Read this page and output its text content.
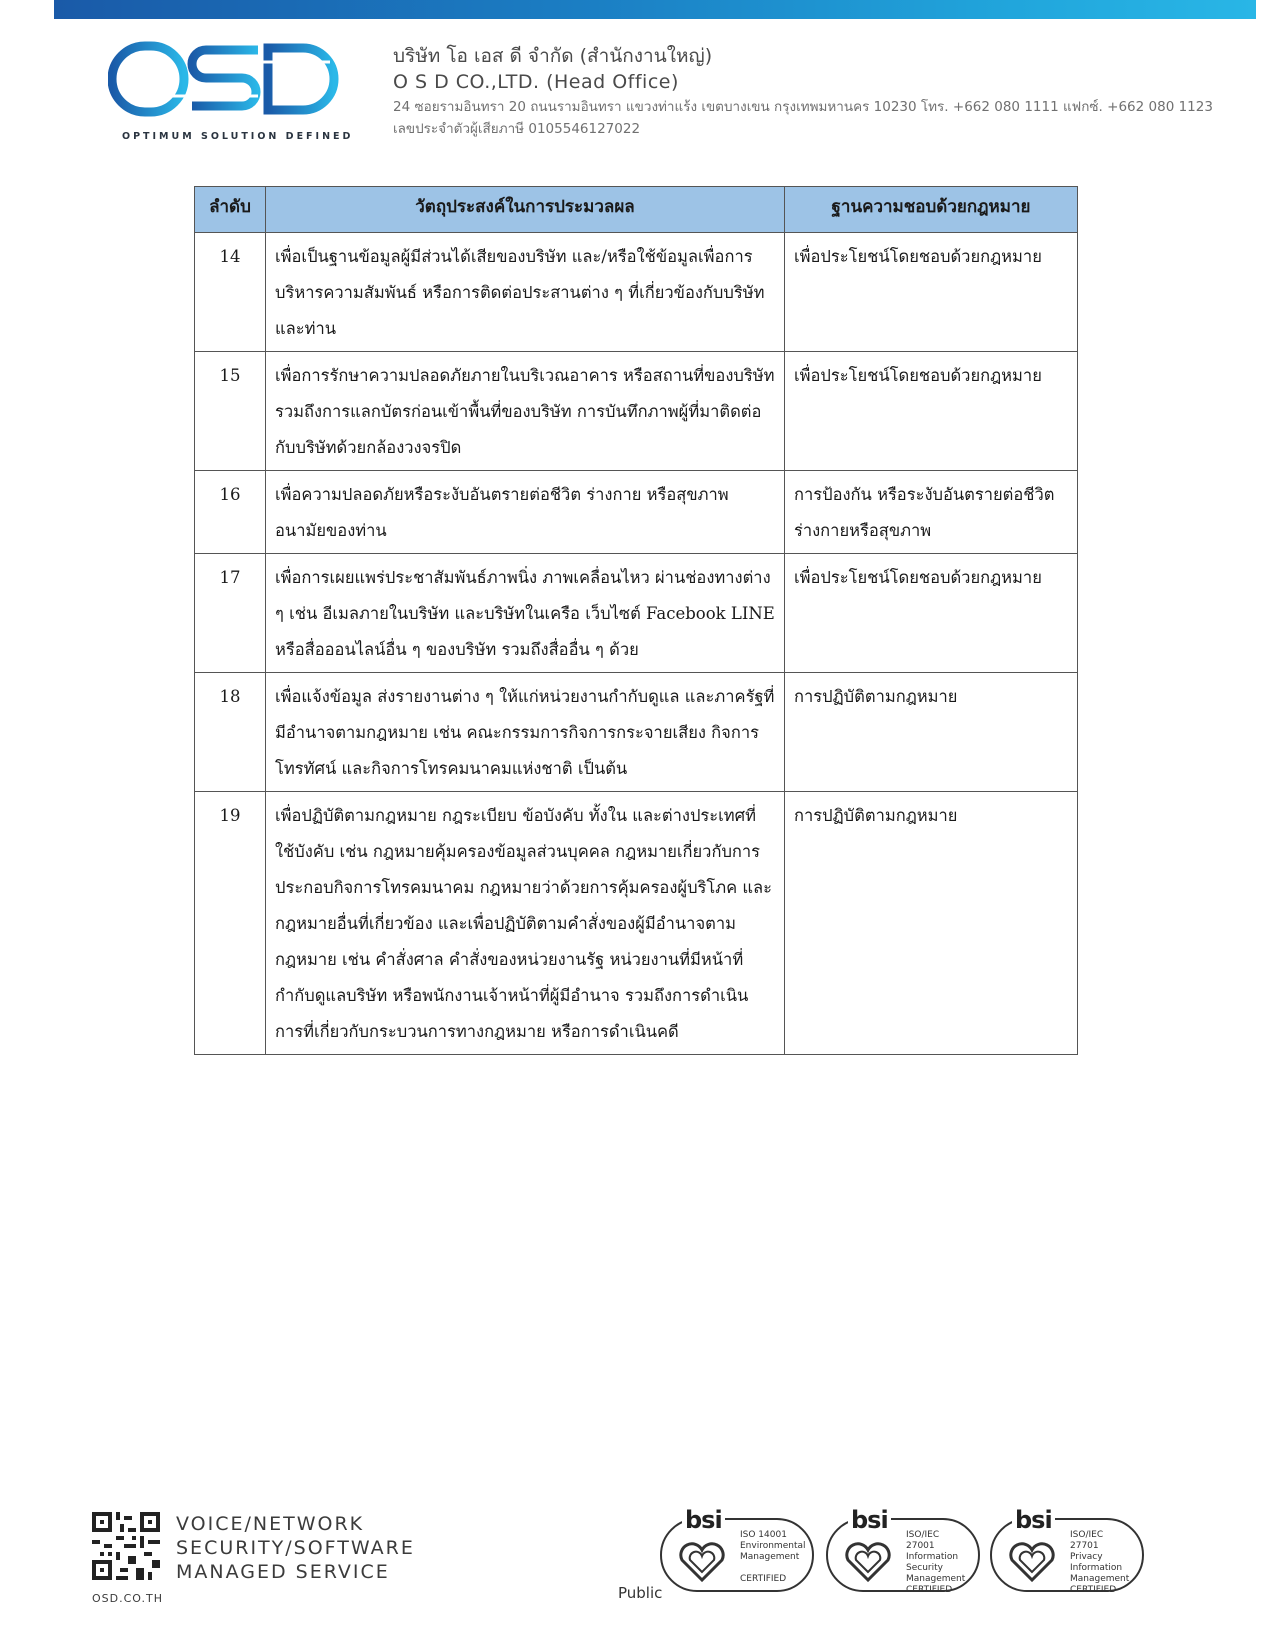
OPTIMUM SOLUTION DEFINED
บริษัท โอ เอส ดี จำกัด (สำนักงานใหญ่)
O S D CO.,LTD. (Head Office)
24 ซอยรามอินทรา 20 ถนนรามอินทรา แขวงท่าแร้ง เขตบางเขน กรุงเทพมหานคร 10230 โทร. +662 080 1111 แฟกซ์. +662 080 1123
เลขประจำตัวผู้เสียภาษี 0105546127022
ลำดับ	วัตถุประสงค์ในการประมวลผล	ฐานความชอบด้วยกฎหมาย
14	เพื่อเป็นฐานข้อมูลผู้มีส่วนได้เสียของบริษัท และ/หรือใช้ข้อมูลเพื่อการบริหารความสัมพันธ์ หรือการติดต่อประสานต่าง ๆ ที่เกี่ยวข้องกับบริษัทและท่าน	เพื่อประโยชน์โดยชอบด้วยกฎหมาย
15	เพื่อการรักษาความปลอดภัยภายในบริเวณอาคาร หรือสถานที่ของบริษัท รวมถึงการแลกบัตรก่อนเข้าพื้นที่ของบริษัท การบันทึกภาพผู้ที่มาติดต่อกับบริษัทด้วยกล้องวงจรปิด	เพื่อประโยชน์โดยชอบด้วยกฎหมาย
16	เพื่อความปลอดภัยหรือระงับอันตรายต่อชีวิต ร่างกาย หรือสุขภาพอนามัยของท่าน	การป้องกัน หรือระงับอันตรายต่อชีวิต ร่างกายหรือสุขภาพ
17	เพื่อการเผยแพร่ประชาสัมพันธ์ภาพนิ่ง ภาพเคลื่อนไหว ผ่านช่องทางต่าง ๆ เช่น อีเมลภายในบริษัท และบริษัทในเครือ เว็บไซต์ Facebook LINE หรือสื่อออนไลน์อื่น ๆ ของบริษัท รวมถึงสื่ออื่น ๆ ด้วย	เพื่อประโยชน์โดยชอบด้วยกฎหมาย
18	เพื่อแจ้งข้อมูล ส่งรายงานต่าง ๆ ให้แก่หน่วยงานกำกับดูแล และภาครัฐที่มีอำนาจตามกฎหมาย เช่น คณะกรรมการกิจการกระจายเสียง กิจการโทรทัศน์ และกิจการโทรคมนาคมแห่งชาติ เป็นต้น	การปฏิบัติตามกฎหมาย
19	เพื่อปฏิบัติตามกฎหมาย กฎระเบียบ ข้อบังคับ ทั้งใน และต่างประเทศที่ใช้บังคับ เช่น กฎหมายคุ้มครองข้อมูลส่วนบุคคล กฎหมายเกี่ยวกับการประกอบกิจการโทรคมนาคม กฎหมายว่าด้วยการคุ้มครองผู้บริโภค และกฎหมายอื่นที่เกี่ยวข้อง และเพื่อปฏิบัติตามคำสั่งของผู้มีอำนาจตามกฎหมาย เช่น คำสั่งศาล คำสั่งของหน่วยงานรัฐ หน่วยงานที่มีหน้าที่กำกับดูแลบริษัท หรือพนักงานเจ้าหน้าที่ผู้มีอำนาจ รวมถึงการดำเนินการที่เกี่ยวกับกระบวนการทางกฎหมาย หรือการดำเนินคดี	การปฏิบัติตามกฎหมาย
VOICE/NETWORK
SECURITY/SOFTWARE
MANAGED SERVICE
OSD.CO.TH	Public
bsi
ISO 14001
Environmental
Management

CERTIFIED
bsi
ISO/IEC
27001
Information Security
Management
CERTIFIED
bsi
ISO/IEC
27701
Privacy
Information
Management
CERTIFIED
